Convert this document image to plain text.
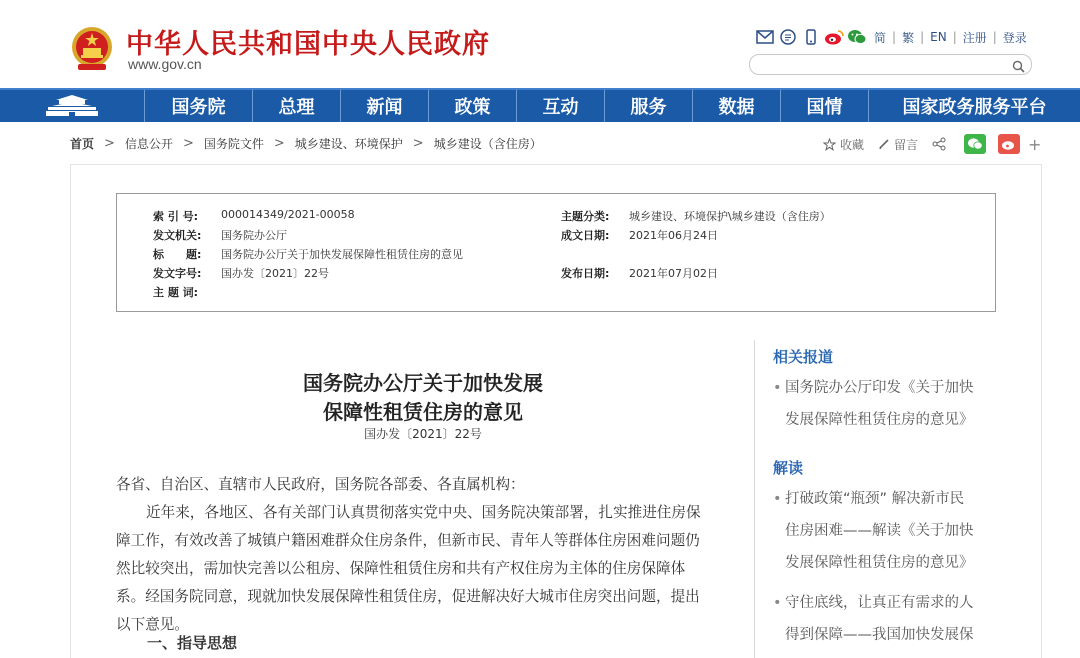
中华人民共和国中央人民政府
www.gov.cn
简 | 繁 | EN | 注册 | 登录
国务院	总理	新闻	政策	互动	服务	数据	国情	国家政务服务平台
首页 > 信息公开 > 国务院文件 > 城乡建设、环境保护 > 城乡建设（含住房）	收藏	留言	+
索 引 号:	000014349/2021-00058	主题分类:	城乡建设、环境保护\城乡建设（含住房）
发文机关:	国务院办公厅	成文日期:	2021年06月24日
标　　题:	国务院办公厅关于加快发展保障性租赁住房的意见
发文字号:	国办发〔2021〕22号	发布日期:	2021年07月02日
主 题 词:
国务院办公厅关于加快发展
保障性租赁住房的意见
国办发〔2021〕22号
各省、自治区、直辖市人民政府，国务院各部委、各直属机构：
近年来，各地区、各有关部门认真贯彻落实党中央、国务院决策部署，扎实推进住房保
障工作，有效改善了城镇户籍困难群众住房条件，但新市民、青年人等群体住房困难问题仍
然比较突出，需加快完善以公租房、保障性租赁住房和共有产权住房为主体的住房保障体
系。经国务院同意，现就加快发展保障性租赁住房，促进解决好大城市住房突出问题，提出
以下意见。
一、指导思想
相关报道
• 国务院办公厅印发《关于加快
发展保障性租赁住房的意见》
解读
• 打破政策“瓶颈” 解决新市民
住房困难——解读《关于加快
发展保障性租赁住房的意见》
• 守住底线，让真正有需求的人
得到保障——我国加快发展保
